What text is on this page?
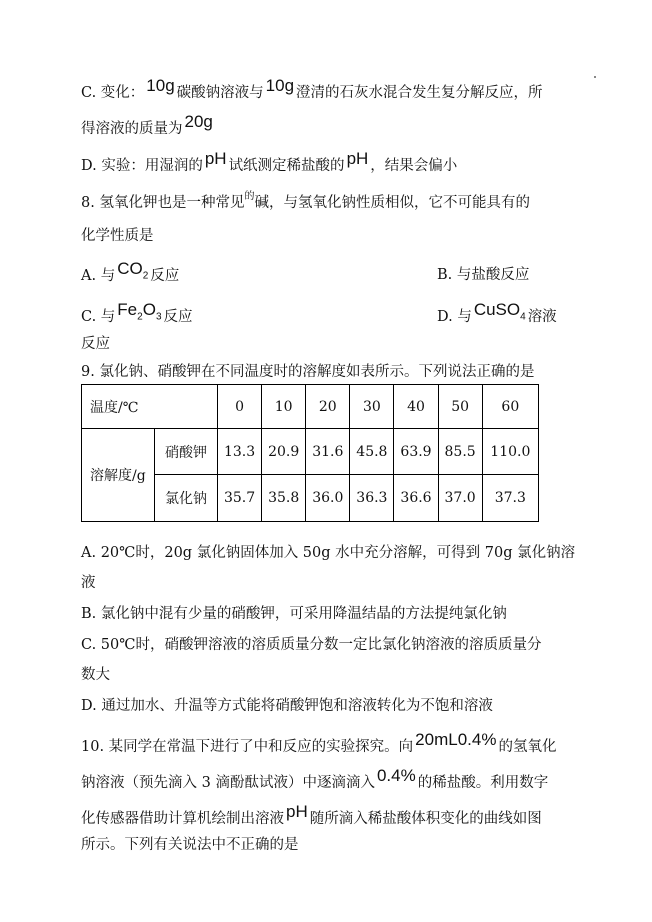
C. 变化： 10g 碳酸钠溶液与 10g 澄清的石灰水混合发生复分解反应，所
得溶液的质量为 20g
D. 实验：用湿润的 pH 试纸测定稀盐酸的 pH ，结果会偏小
8. 氢氧化钾也是一种常见$^的$碱，与氢氧化钠性质相似，它不可能具有的
化学性质是
A. 与 $CO_2$ 反应	B. 与盐酸反应
C. 与 $Fe_2O_3$ 反应	D. 与 CuSO$_4$ 溶液
反应
9. 氯化钠、硝酸钾在不同温度时的溶解度如表所示。下列说法正确的是
温度/℃		0	10	20	30	40	50	60
溶解度/g	硝酸钾	13.3	20.9	31.6	45.8	63.9	85.5	110.0
	氯化钠	35.7	35.8	36.0	36.3	36.6	37.0	37.3
A. 20℃时，20g 氯化钠固体加入 50g 水中充分溶解，可得到 70g 氯化钠溶
液
B. 氯化钠中混有少量的硝酸钾，可采用降温结晶的方法提纯氯化钠
C. 50℃时，硝酸钾溶液的溶质质量分数一定比氯化钠溶液的溶质质量分
数大
D. 通过加水、升温等方式能将硝酸钾饱和溶液转化为不饱和溶液
10. 某同学在常温下进行了中和反应的实验探究。向 20mL0.4% 的氢氧化
钠溶液（预先滴入 3 滴酚酞试液）中逐滴滴入 0.4% 的稀盐酸。利用数字
化传感器借助计算机绘制出溶液 pH 随所滴入稀盐酸体积变化的曲线如图
所示。下列有关说法中不正确的是
